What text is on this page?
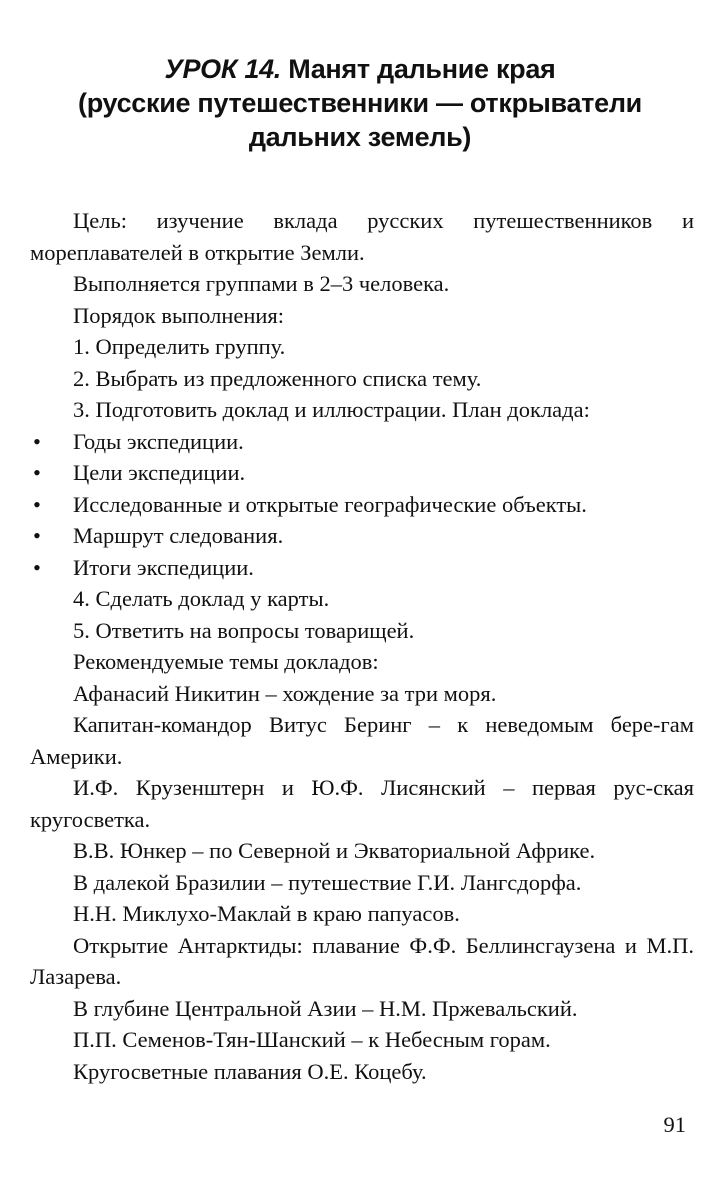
УРОК 14. Манят дальние края
(русские путешественники — открыватели
дальних земель)

Цель: изучение вклада русских путешественников и мореплавателей в открытие Земли.

Выполняется группами в 2–3 человека.

Порядок выполнения:

1. Определить группу.

2. Выбрать из предложенного списка тему.

3. Подготовить доклад и иллюстрации. План доклада:

• Годы экспедиции.
• Цели экспедиции.
• Исследованные и открытые географические объекты.
• Маршрут следования.
• Итоги экспедиции.

4. Сделать доклад у карты.

5. Ответить на вопросы товарищей.

Рекомендуемые темы докладов:

Афанасий Никитин – хождение за три моря.

Капитан-командор Витус Беринг – к неведомым бере-гам Америки.

И.Ф. Крузенштерн и Ю.Ф. Лисянский – первая рус-ская кругосветка.

В.В. Юнкер – по Северной и Экваториальной Африке.

В далекой Бразилии – путешествие Г.И. Лангсдорфа.

Н.Н. Миклухо-Маклай в краю папуасов.

Открытие Антарктиды: плавание Ф.Ф. Беллинсгаузена и М.П. Лазарева.

В глубине Центральной Азии – Н.М. Пржевальский.

П.П. Семенов-Тян-Шанский – к Небесным горам.

Кругосветные плавания О.Е. Коцебу.

91
